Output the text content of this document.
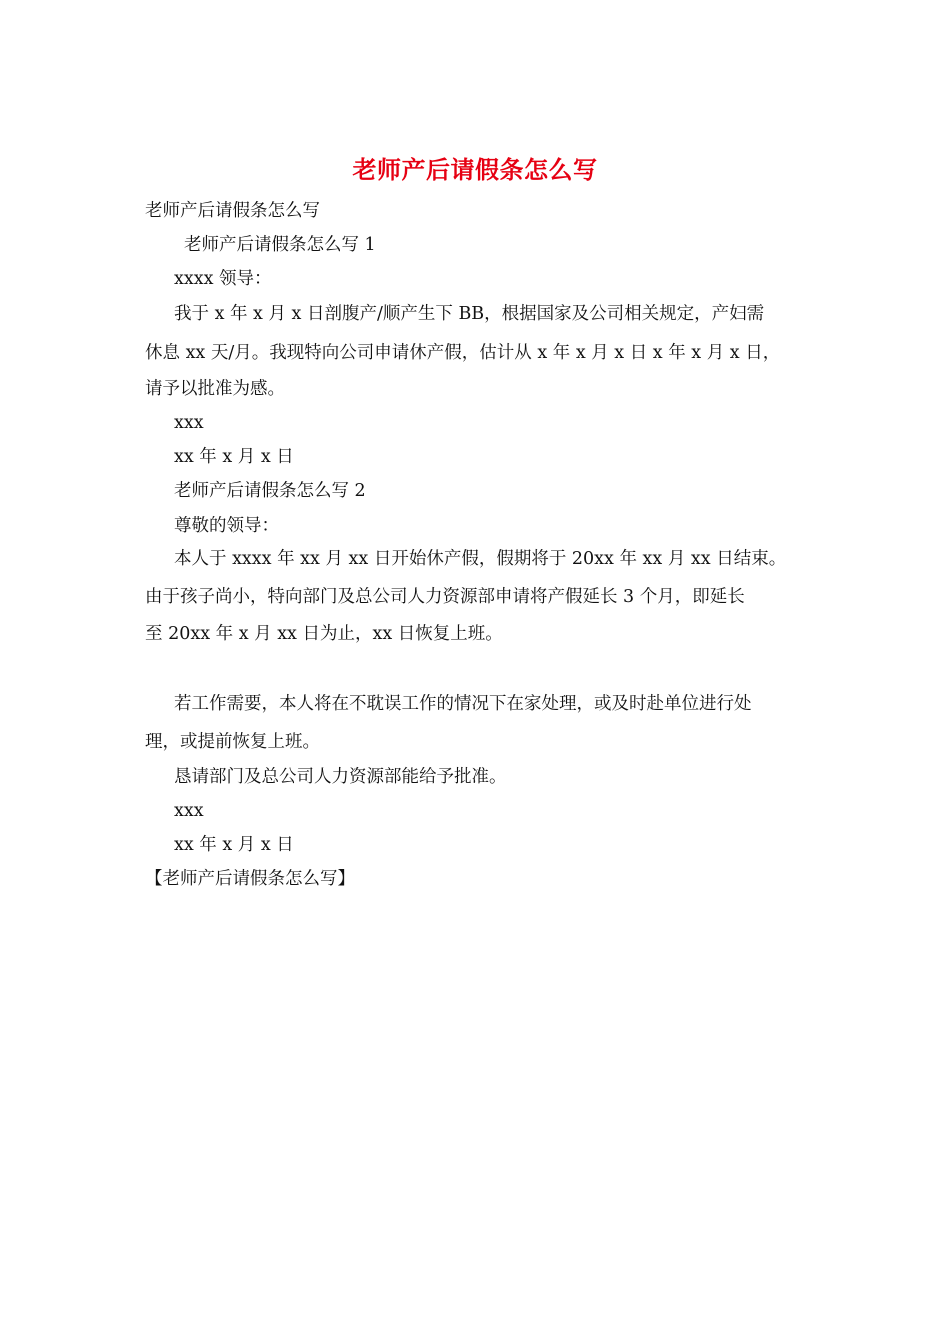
老师产后请假条怎么写
老师产后请假条怎么写
老师产后请假条怎么写 1
xxxx 领导：
我于 x 年 x 月 x 日剖腹产/顺产生下 BB，根据国家及公司相关规定，产妇需
休息 xx 天/月。我现特向公司申请休产假，估计从 x 年 x 月 x 日 x 年 x 月 x 日，
请予以批准为感。
xxx
xx 年 x 月 x 日
老师产后请假条怎么写 2
尊敬的领导：
本人于 xxxx 年 xx 月 xx 日开始休产假，假期将于 20xx 年 xx 月 xx 日结束。
由于孩子尚小，特向部门及总公司人力资源部申请将产假延长 3 个月，即延长
至 20xx 年 x 月 xx 日为止，xx 日恢复上班。
若工作需要，本人将在不耽误工作的情况下在家处理，或及时赴单位进行处
理，或提前恢复上班。
恳请部门及总公司人力资源部能给予批准。
xxx
xx 年 x 月 x 日
【老师产后请假条怎么写】
